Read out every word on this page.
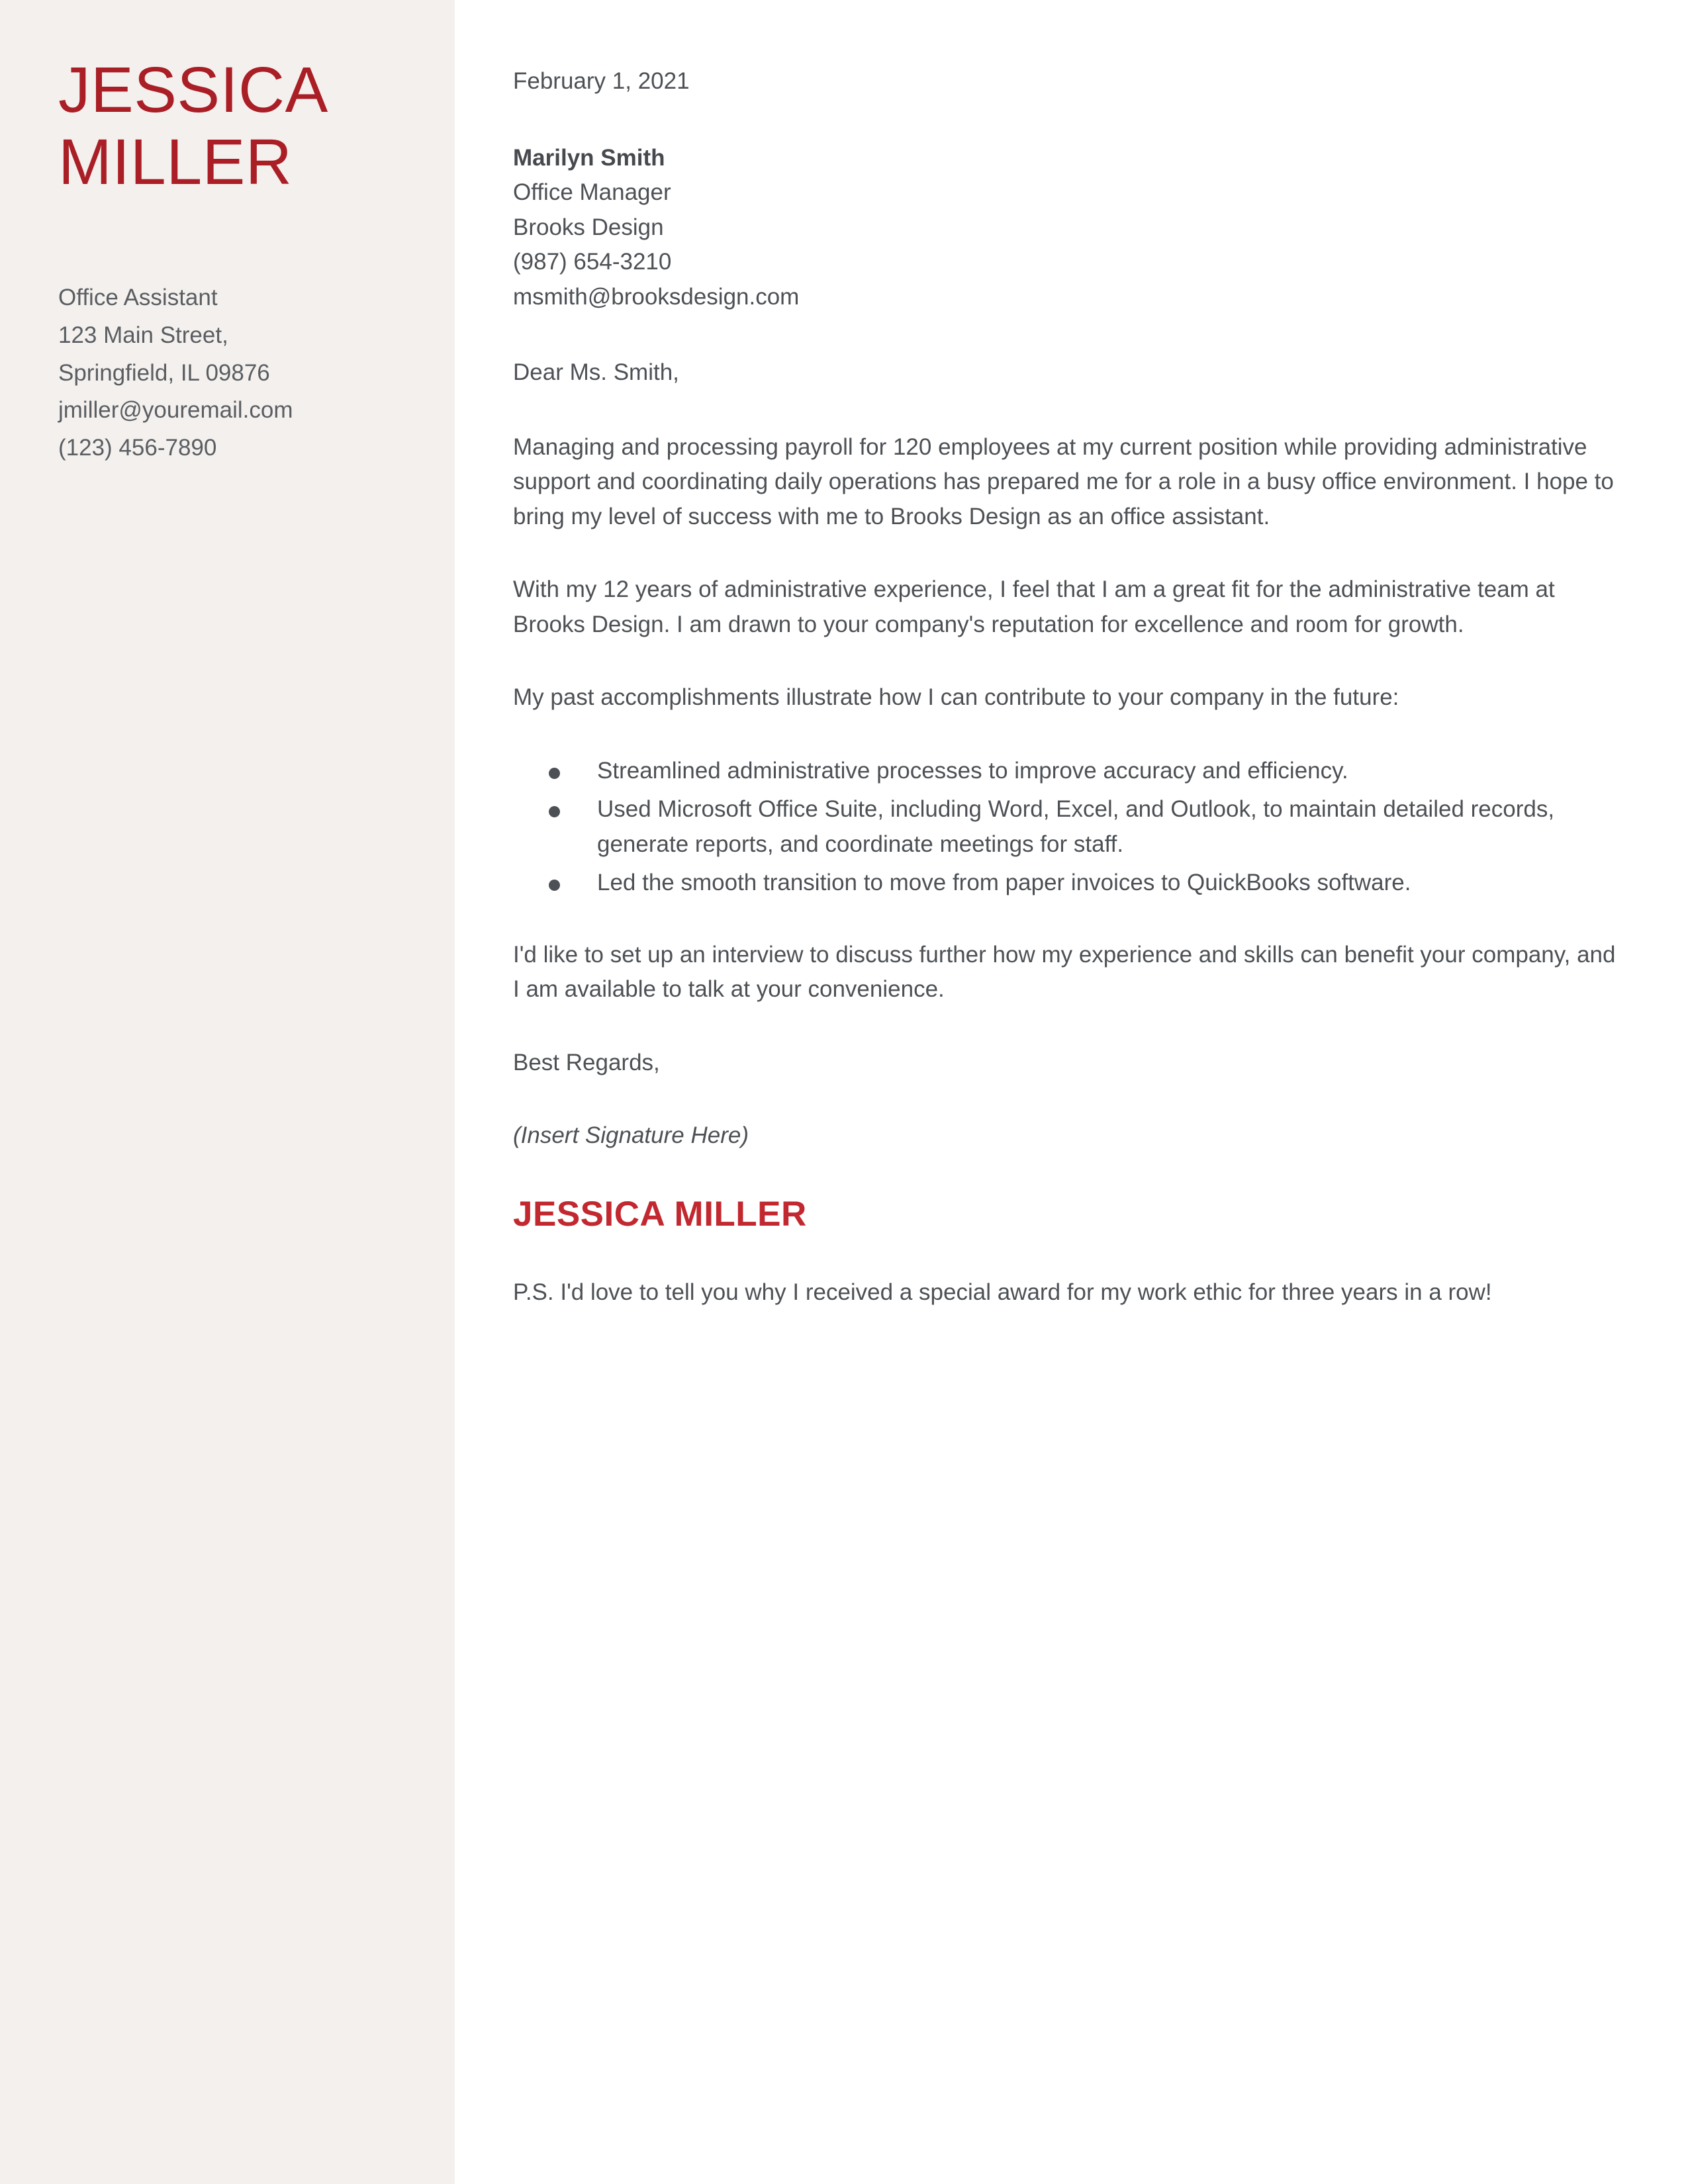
JESSICA
MILLER
Office Assistant
123 Main Street,
Springfield, IL 09876
jmiller@youremail.com
(123) 456-7890

February 1, 2021

Marilyn Smith
Office Manager
Brooks Design
(987) 654-3210
msmith@brooksdesign.com

Dear Ms. Smith,

Managing and processing payroll for 120 employees at my current position while providing administrative support and coordinating daily operations has prepared me for a role in a busy office environment. I hope to bring my level of success with me to Brooks Design as an office assistant.

With my 12 years of administrative experience, I feel that I am a great fit for the administrative team at Brooks Design. I am drawn to your company's reputation for excellence and room for growth.

My past accomplishments illustrate how I can contribute to your company in the future:

Streamlined administrative processes to improve accuracy and efficiency.
Used Microsoft Office Suite, including Word, Excel, and Outlook, to maintain detailed records, generate reports, and coordinate meetings for staff.
Led the smooth transition to move from paper invoices to QuickBooks software.

I'd like to set up an interview to discuss further how my experience and skills can benefit your company, and I am available to talk at your convenience.

Best Regards,

(Insert Signature Here)

JESSICA MILLER

P.S. I'd love to tell you why I received a special award for my work ethic for three years in a row!
